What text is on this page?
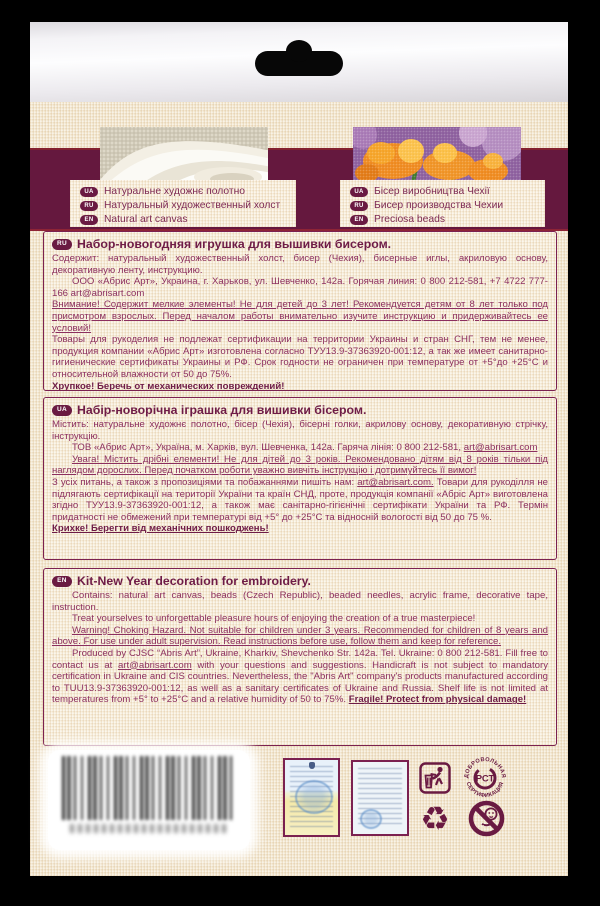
UA	Натуральне художнє полотно
RU	Натуральный художественный холст
EN	Natural art canvas
UA	Бісер виробництва Чехії
RU	Бисер производства Чехии
EN	Preciosa beads
RU Набор-новогодняя игрушка для вышивки бисером.

Содержит: натуральный художественный холст, бисер (Чехия), бисерные иглы, акриловую основу, декоративную ленту, инструкцию.

ООО «Абрис Арт», Украина, г. Харьков, ул. Шевченко, 142а. Горячая линия: 0 800 212-581, +7 4722 777-166 art@abrisart.com

Внимание! Содержит мелкие элементы! Не для детей до 3 лет! Рекомендуется детям от 8 лет только под присмотром взрослых. Перед началом работы внимательно изучите инструкцию и придерживайтесь ее условий!

Товары для рукоделия не подлежат сертификации на территории Украины и стран СНГ, тем не менее, продукция компании «Абрис Арт» изготовлена согласно ТУУ13.9-37363920-001:12, а так же имеет санитарно-гигиенические сертификаты Украины и РФ. Срок годности не ограничен при температуре от +5°до +25°С и относительной влажности от 50 до 75%.

Хрупкое! Беречь от механических повреждений!

UA Набір-новорічна іграшка для вишивки бісером.

Містить: натуральне художнє полотно, бісер (Чехія), бісерні голки, акрилову основу, декоративную стрічку, інструкцію.

ТОВ «Абрис Арт», Україна, м. Харків, вул. Шевченка, 142а. Гаряча лінія: 0 800 212-581, art@abrisart.com

Увага! Містить дрібні елементи! Не для дітей до 3 років. Рекомендовано дітям від 8 років тільки під наглядом дорослих. Перед початком роботи уважно вивчіть інструкцію і дотримуйтесь її вимог!

З усіх питань, а також з пропозиціями та побажаннями пишіть нам: art@abrisart.com. Товари для рукоділля не підлягають сертифікації на території України та країн СНД, проте, продукція компанії «Абріс Арт» виготовлена згідно ТУУ13.9-37363920-001:12, а також має санітарно-гігієнічні сертифікати України та РФ. Термін придатності не обмежений при температурі від +5° до +25°С та відносній вологості від 50 до 75 %.

Крихке! Берегти від механічних пошкоджень!

EN Kit-New Year decoration for embroidery.

Contains: natural art canvas, beads (Czech Republic), beaded needles, acrylic frame, decorative tape, instruction.

Treat yourselves to unforgettable pleasure hours of enjoying the creation of a true masterpiece!

Warning! Choking Hazard. Not suitable for children under 3 years. Recommended for children of 8 years and above. For use under adult supervision. Read instructions before use, follow them and keep for reference.

Produced by CJSC “Abris Art”, Ukraine, Kharkiv, Shevchenko Str. 142a. Tel. Ukraine: 0 800 212-581. Fill free to contact us at art@abrisart.com with your questions and suggestions. Handicraft is not subject to mandatory certification in Ukraine and CIS countries. Nevertheless, the "Abris Art" company's products manufactured according to TUU13.9-37363920-001:12, as well as a sanitary certificates of Ukraine and Russia. Shelf life is not limited at temperatures from +5° to +25°C and a relative humidity of 50 to 75%. Fragile! Protect from physical damage!

ДОБРОВОЛЬНАЯ
СЕРТИФИКАЦИЯ
РСТ
♻	0-3
